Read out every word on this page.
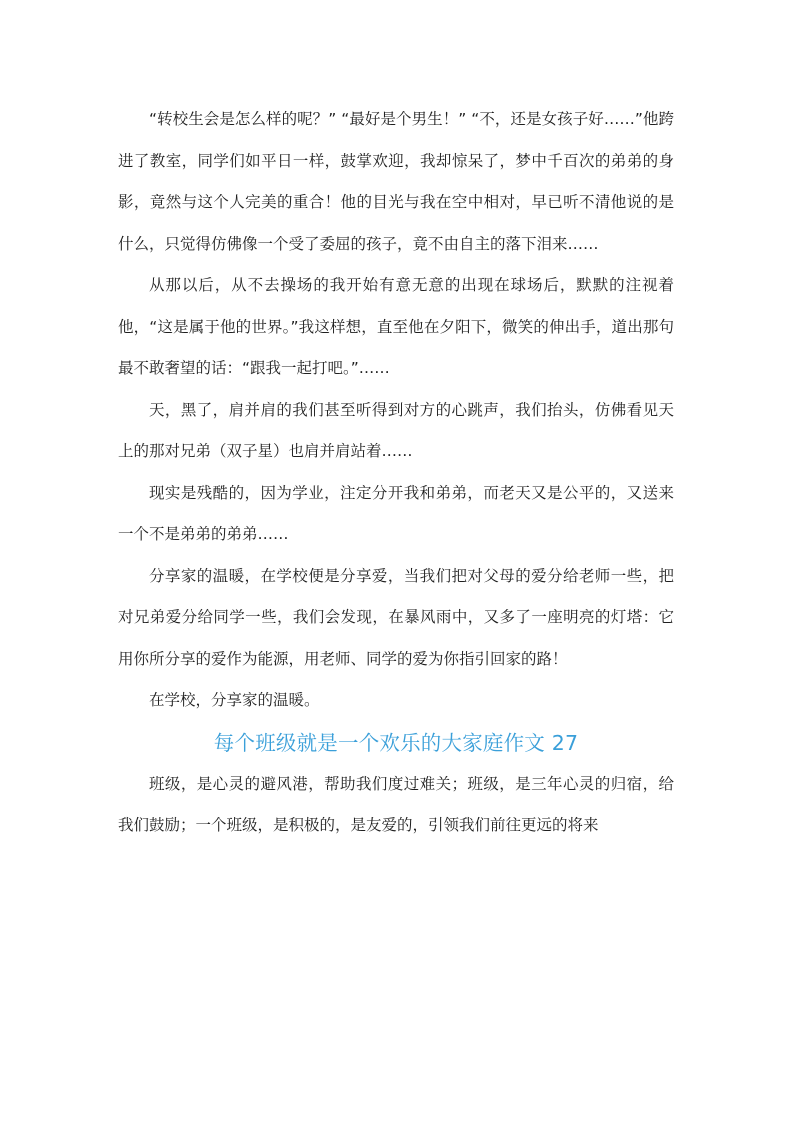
“转校生会是怎么样的呢？” “最好是个男生！” “不，还是女孩子好……”他跨进了教室，同学们如平日一样，鼓掌欢迎，我却惊呆了，梦中千百次的弟弟的身影，竟然与这个人完美的重合！他的目光与我在空中相对，早已听不清他说的是什么，只觉得仿佛像一个受了委屈的孩子，竟不由自主的落下泪来……

从那以后，从不去操场的我开始有意无意的出现在球场后，默默的注视着他，“这是属于他的世界。”我这样想，直至他在夕阳下，微笑的伸出手，道出那句最不敢奢望的话：“跟我一起打吧。”……

天，黑了，肩并肩的我们甚至听得到对方的心跳声，我们抬头，仿佛看见天上的那对兄弟（双子星）也肩并肩站着……

现实是残酷的，因为学业，注定分开我和弟弟，而老天又是公平的，又送来一个不是弟弟的弟弟……

分享家的温暖，在学校便是分享爱，当我们把对父母的爱分给老师一些，把对兄弟爱分给同学一些，我们会发现，在暴风雨中，又多了一座明亮的灯塔：它用你所分享的爱作为能源，用老师、同学的爱为你指引回家的路！

在学校，分享家的温暖。

每个班级就是一个欢乐的大家庭作文 27

班级，是心灵的避风港，帮助我们度过难关；班级，是三年心灵的归宿，给我们鼓励；一个班级，是积极的，是友爱的，引领我们前往更远的将来
